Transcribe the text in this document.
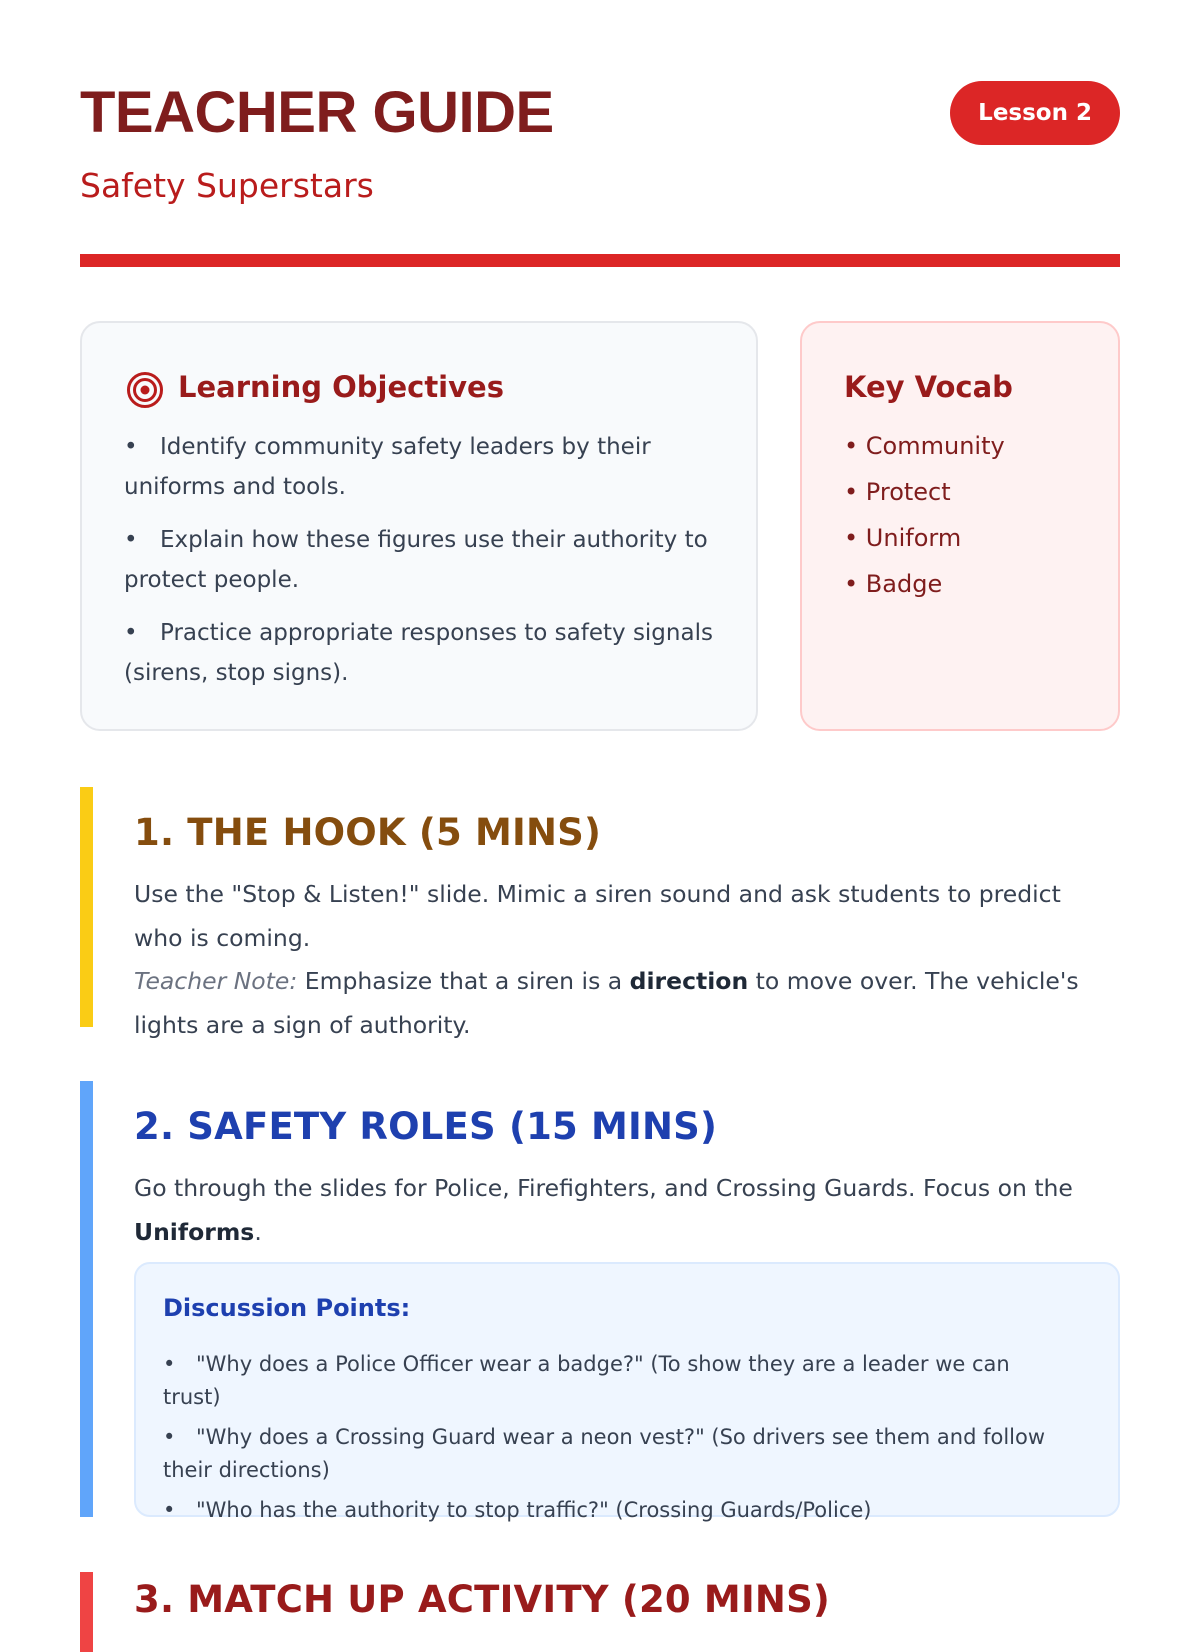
TEACHER GUIDE
Safety Superstars
Lesson 2
Learning Objectives
• Identify community safety leaders by their uniforms and tools.
• Explain how these figures use their authority to protect people.
• Practice appropriate responses to safety signals (sirens, stop signs).
Key Vocab
• Community
• Protect
• Uniform
• Badge
1. THE HOOK (5 MINS)

Use the "Stop & Listen!" slide. Mimic a siren sound and ask students to predict who is coming.
Teacher Note: Emphasize that a siren is a direction to move over. The vehicle's lights are a sign of authority.

2. SAFETY ROLES (15 MINS)

Go through the slides for Police, Firefighters, and Crossing Guards. Focus on the Uniforms.

Discussion Points:
• "Why does a Police Officer wear a badge?" (To show they are a leader we can trust)
• "Why does a Crossing Guard wear a neon vest?" (So drivers see them and follow their directions)
• "Who has the authority to stop traffic?" (Crossing Guards/Police)
3. MATCH UP ACTIVITY (20 MINS)
